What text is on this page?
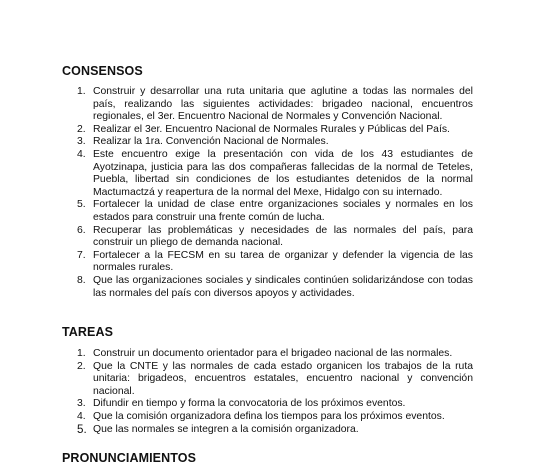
CONSENSOS
1. Construir y desarrollar una ruta unitaria que aglutine a todas las normales del país, realizando las siguientes actividades: brigadeo nacional, encuentros regionales, el 3er. Encuentro Nacional de Normales y Convención Nacional.
2. Realizar el 3er. Encuentro Nacional de Normales Rurales y Públicas del País.
3. Realizar la 1ra. Convención Nacional de Normales.
4. Este encuentro exige la presentación con vida de los 43 estudiantes de Ayotzinapa, justicia para las dos compañeras fallecidas de la normal de Teteles, Puebla, libertad sin condiciones de los estudiantes detenidos de la normal Mactumactzá y reapertura de la normal del Mexe, Hidalgo con su internado.
5. Fortalecer la unidad de clase entre organizaciones sociales y normales en los estados para construir una frente común de lucha.
6. Recuperar las problemáticas y necesidades de las normales del país, para construir un pliego de demanda nacional.
7. Fortalecer a la FECSM en su tarea de organizar y defender la vigencia de las normales rurales.
8. Que las organizaciones sociales y sindicales continúen solidarizándose con todas las normales del país con diversos apoyos y actividades.
TAREAS
1. Construir un documento orientador para el brigadeo nacional de las normales.
2. Que la CNTE y las normales de cada estado organicen los trabajos de la ruta unitaria: brigadeos, encuentros estatales, encuentro nacional y convención nacional.
3. Difundir en tiempo y forma la convocatoria de los próximos eventos.
4. Que la comisión organizadora defina los tiempos para los próximos eventos.
5. Que las normales se integren a la comisión organizadora.
PRONUNCIAMIENTOS
